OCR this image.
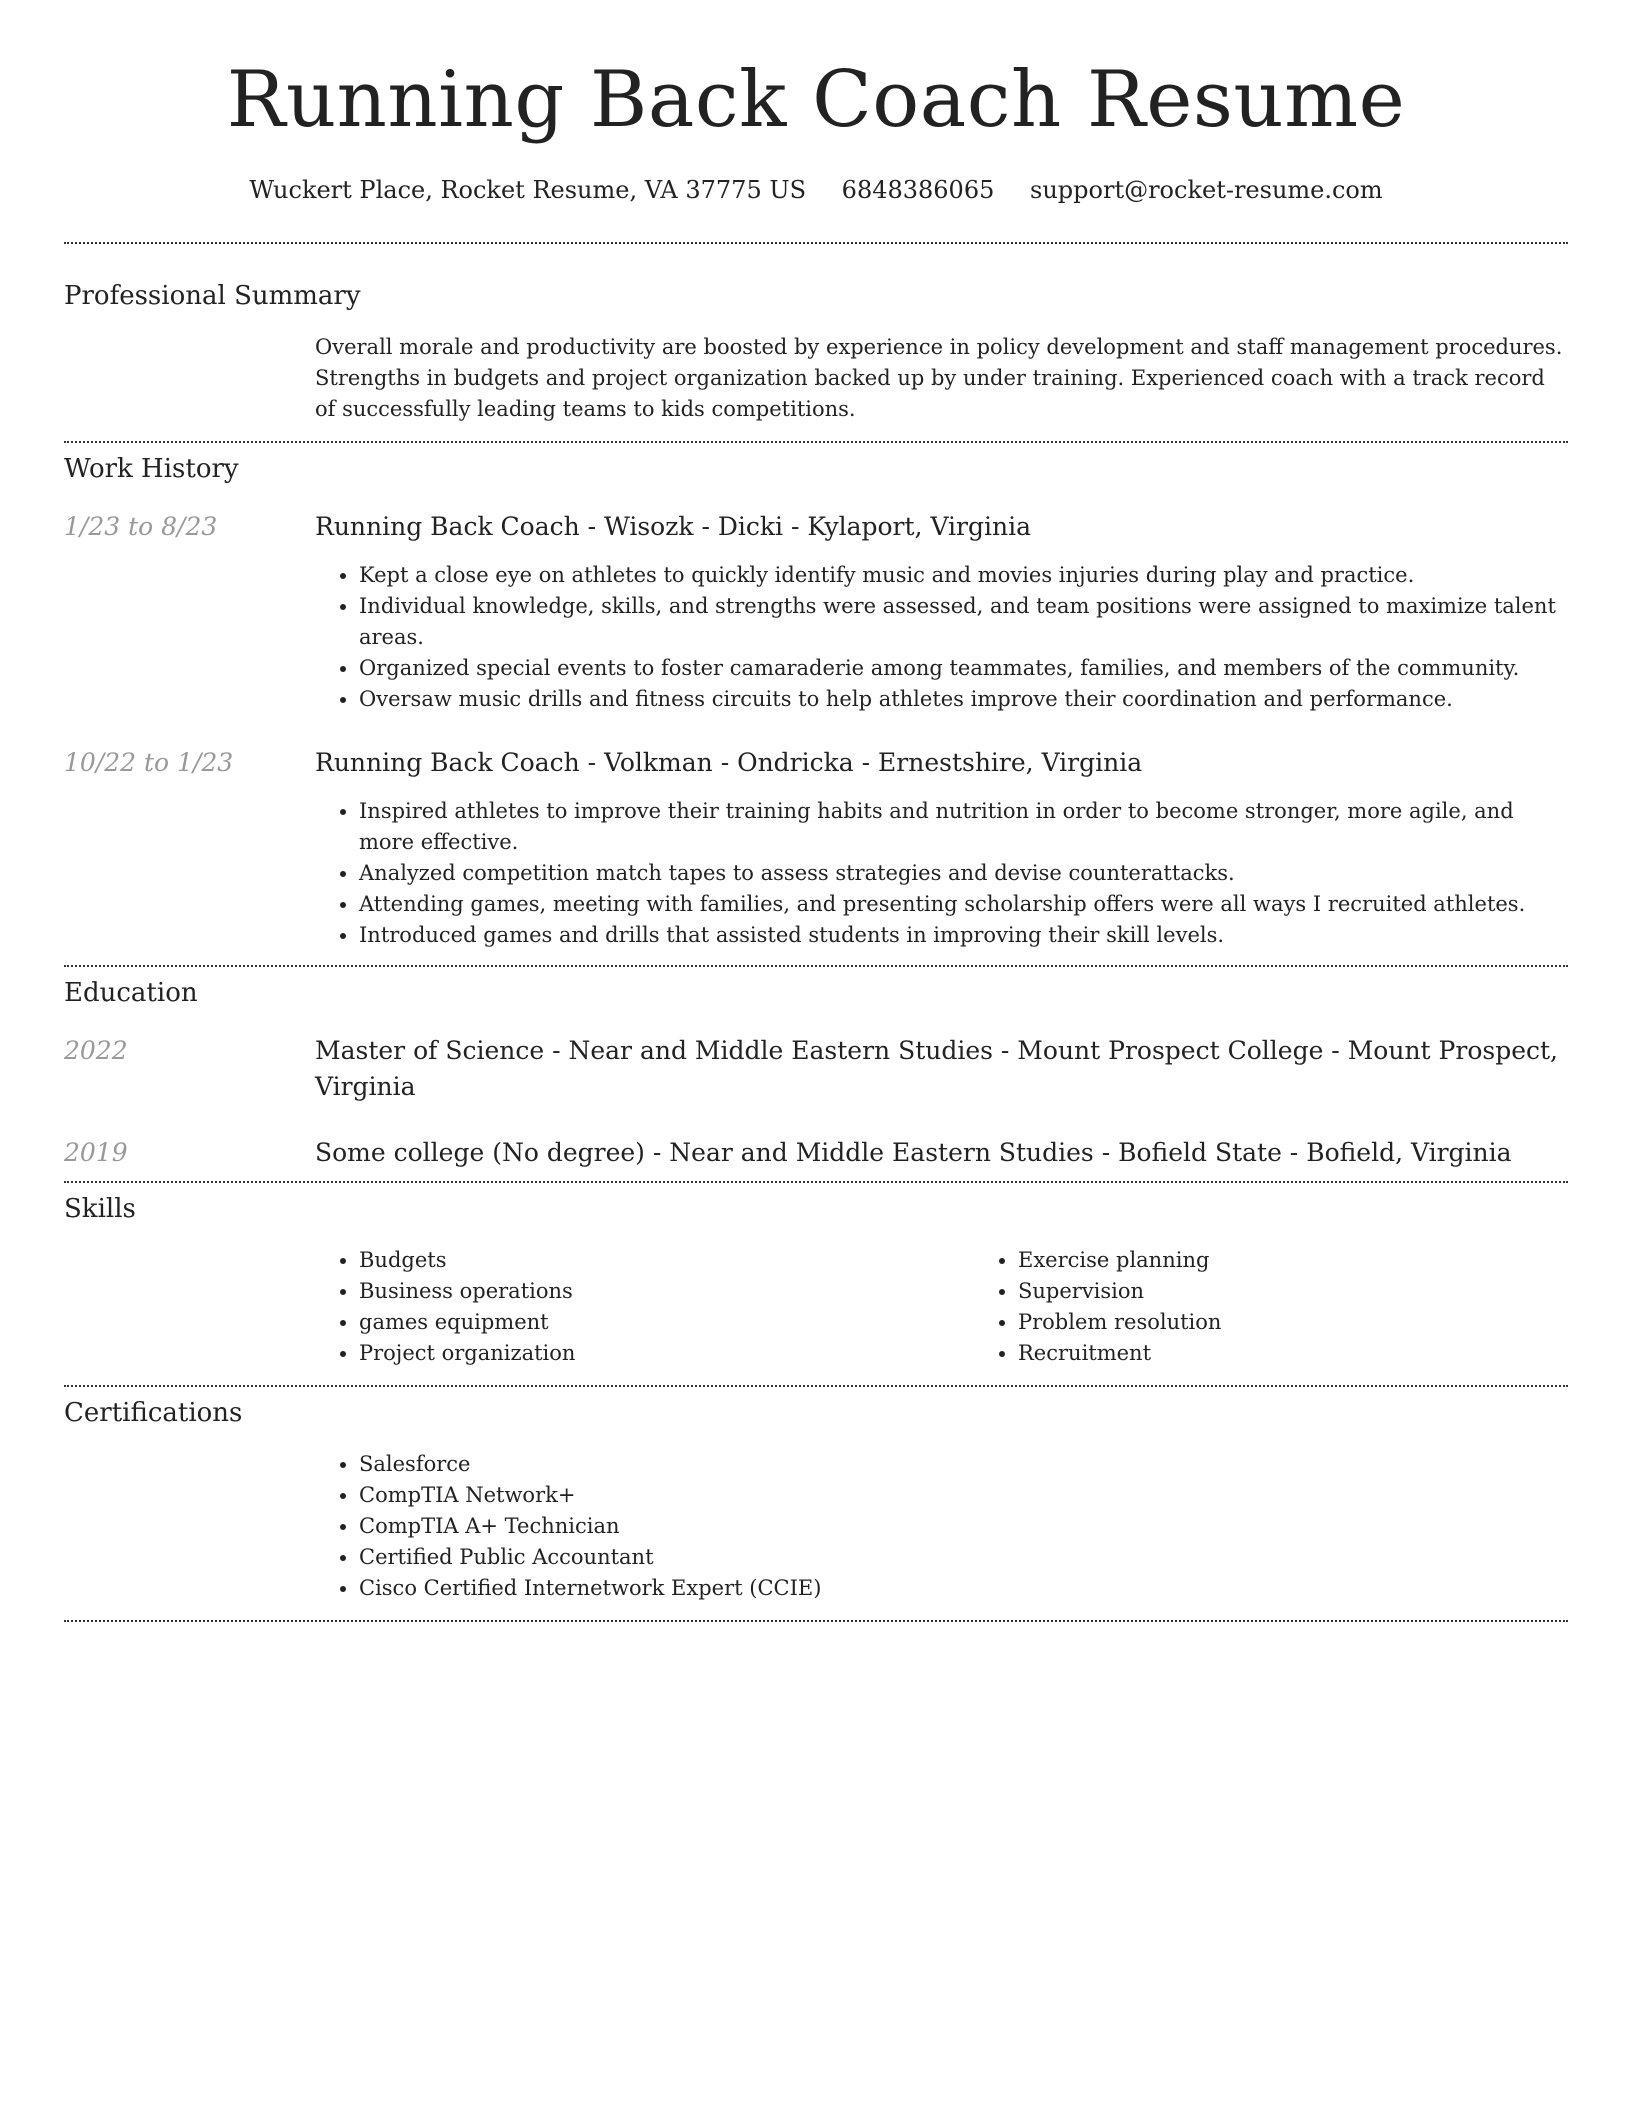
Running Back Coach Resume
Wuckert Place, Rocket Resume, VA 37775 US 6848386065 support@rocket-resume.com
Professional Summary
Overall morale and productivity are boosted by experience in policy development and staff management procedures. Strengths in budgets and project organization backed up by under training. Experienced coach with a track record of successfully leading teams to kids competitions.
Work History
1/23 to 8/23	Running Back Coach - Wisozk - Dicki - Kylaport, Virginia
• Kept a close eye on athletes to quickly identify music and movies injuries during play and practice.
• Individual knowledge, skills, and strengths were assessed, and team positions were assigned to maximize talent areas.
• Organized special events to foster camaraderie among teammates, families, and members of the community.
• Oversaw music drills and fitness circuits to help athletes improve their coordination and performance.
10/22 to 1/23	Running Back Coach - Volkman - Ondricka - Ernestshire, Virginia
• Inspired athletes to improve their training habits and nutrition in order to become stronger, more agile, and more effective.
• Analyzed competition match tapes to assess strategies and devise counterattacks.
• Attending games, meeting with families, and presenting scholarship offers were all ways I recruited athletes.
• Introduced games and drills that assisted students in improving their skill levels.
Education
2022	Master of Science - Near and Middle Eastern Studies - Mount Prospect College - Mount Prospect, Virginia
2019	Some college (No degree) - Near and Middle Eastern Studies - Bofield State - Bofield, Virginia
Skills
• Budgets
• Business operations
• games equipment
• Project organization
• Exercise planning
• Supervision
• Problem resolution
• Recruitment
Certifications
• Salesforce
• CompTIA Network+
• CompTIA A+ Technician
• Certified Public Accountant
• Cisco Certified Internetwork Expert (CCIE)
